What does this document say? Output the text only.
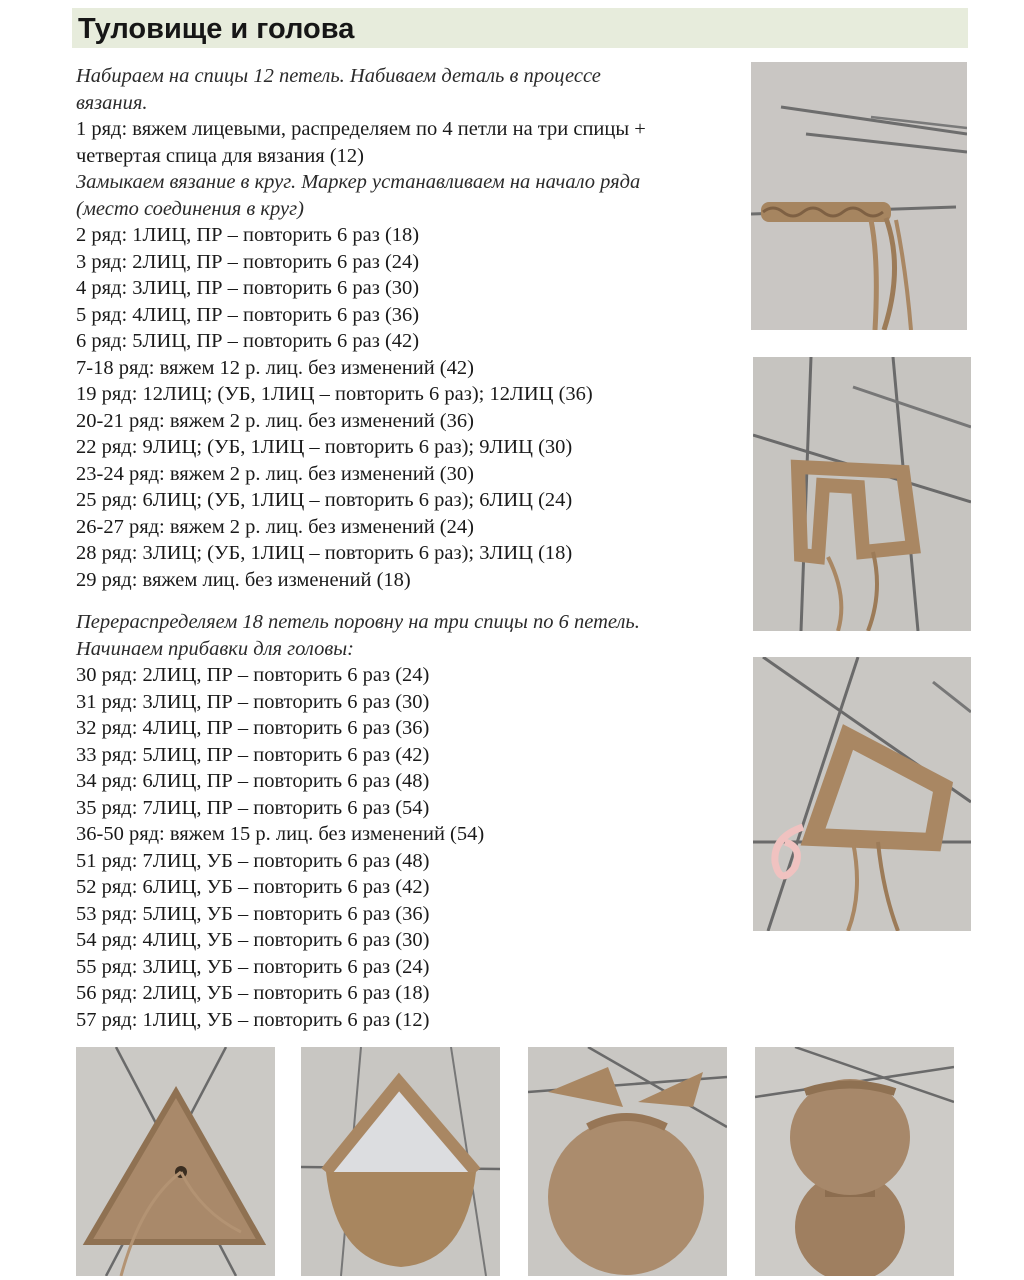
Туловище и голова
Набираем на спицы 12 петель. Набиваем деталь в процессе
вязания.
1 ряд: вяжем лицевыми, распределяем по 4 петли на три спицы +
четвертая спица для вязания (12)
Замыкаем вязание в круг. Маркер устанавливаем на начало ряда
(место соединения в круг)
2 ряд: 1ЛИЦ, ПР – повторить 6 раз (18)
3 ряд: 2ЛИЦ, ПР – повторить 6 раз (24)
4 ряд: 3ЛИЦ, ПР – повторить 6 раз (30)
5 ряд: 4ЛИЦ, ПР – повторить 6 раз (36)
6 ряд: 5ЛИЦ, ПР – повторить 6 раз (42)
7-18 ряд: вяжем 12 р. лиц. без изменений (42)
19 ряд: 12ЛИЦ; (УБ, 1ЛИЦ – повторить 6 раз); 12ЛИЦ (36)
20-21 ряд: вяжем 2 р. лиц. без изменений (36)
22 ряд: 9ЛИЦ; (УБ, 1ЛИЦ – повторить 6 раз); 9ЛИЦ (30)
23-24 ряд: вяжем 2 р. лиц. без изменений (30)
25 ряд: 6ЛИЦ; (УБ, 1ЛИЦ – повторить 6 раз); 6ЛИЦ (24)
26-27 ряд: вяжем 2 р. лиц. без изменений (24)
28 ряд: 3ЛИЦ; (УБ, 1ЛИЦ – повторить 6 раз); 3ЛИЦ (18)
29 ряд: вяжем лиц. без изменений (18)
Перераспределяем 18 петель поровну на три спицы по 6 петель.
Начинаем прибавки для головы:
30 ряд: 2ЛИЦ, ПР – повторить 6 раз (24)
31 ряд: 3ЛИЦ, ПР – повторить 6 раз (30)
32 ряд: 4ЛИЦ, ПР – повторить 6 раз (36)
33 ряд: 5ЛИЦ, ПР – повторить 6 раз (42)
34 ряд: 6ЛИЦ, ПР – повторить 6 раз (48)
35 ряд: 7ЛИЦ, ПР – повторить 6 раз (54)
36-50 ряд: вяжем 15 р. лиц. без изменений (54)
51 ряд: 7ЛИЦ, УБ – повторить 6 раз (48)
52 ряд: 6ЛИЦ, УБ – повторить 6 раз (42)
53 ряд: 5ЛИЦ, УБ – повторить 6 раз (36)
54 ряд: 4ЛИЦ, УБ – повторить 6 раз (30)
55 ряд: 3ЛИЦ, УБ – повторить 6 раз (24)
56 ряд: 2ЛИЦ, УБ – повторить 6 раз (18)
57 ряд: 1ЛИЦ, УБ – повторить 6 раз (12)
